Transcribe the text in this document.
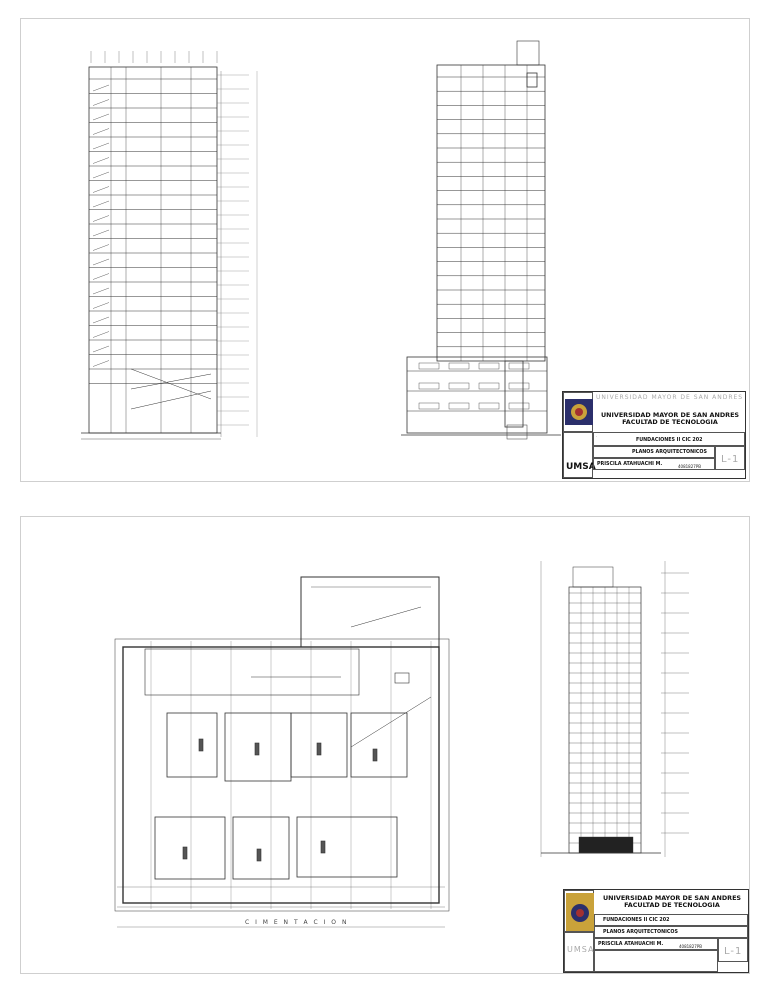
UNIVERSIDAD MAYOR DE SAN ANDRES
UNIVERSIDAD MAYOR DE SAN ANDRES
FACULTAD DE TECNOLOGIA
UMSA
.
FUNDACIONES II CIC 202
PLANOS ARQUITECTONICOS
PRISCILA ATAHUACHI M.	4081827PB
L-1
C I M E N T A C I O N
UNIVERSIDAD MAYOR DE SAN ANDRES
FACULTAD DE TECNOLOGIA
FUNDACIONES II CIC 202
UMSA
PLANOS ARQUITECTONICOS
PRISCILA ATAHUACHI M.	4081827PB L-1
